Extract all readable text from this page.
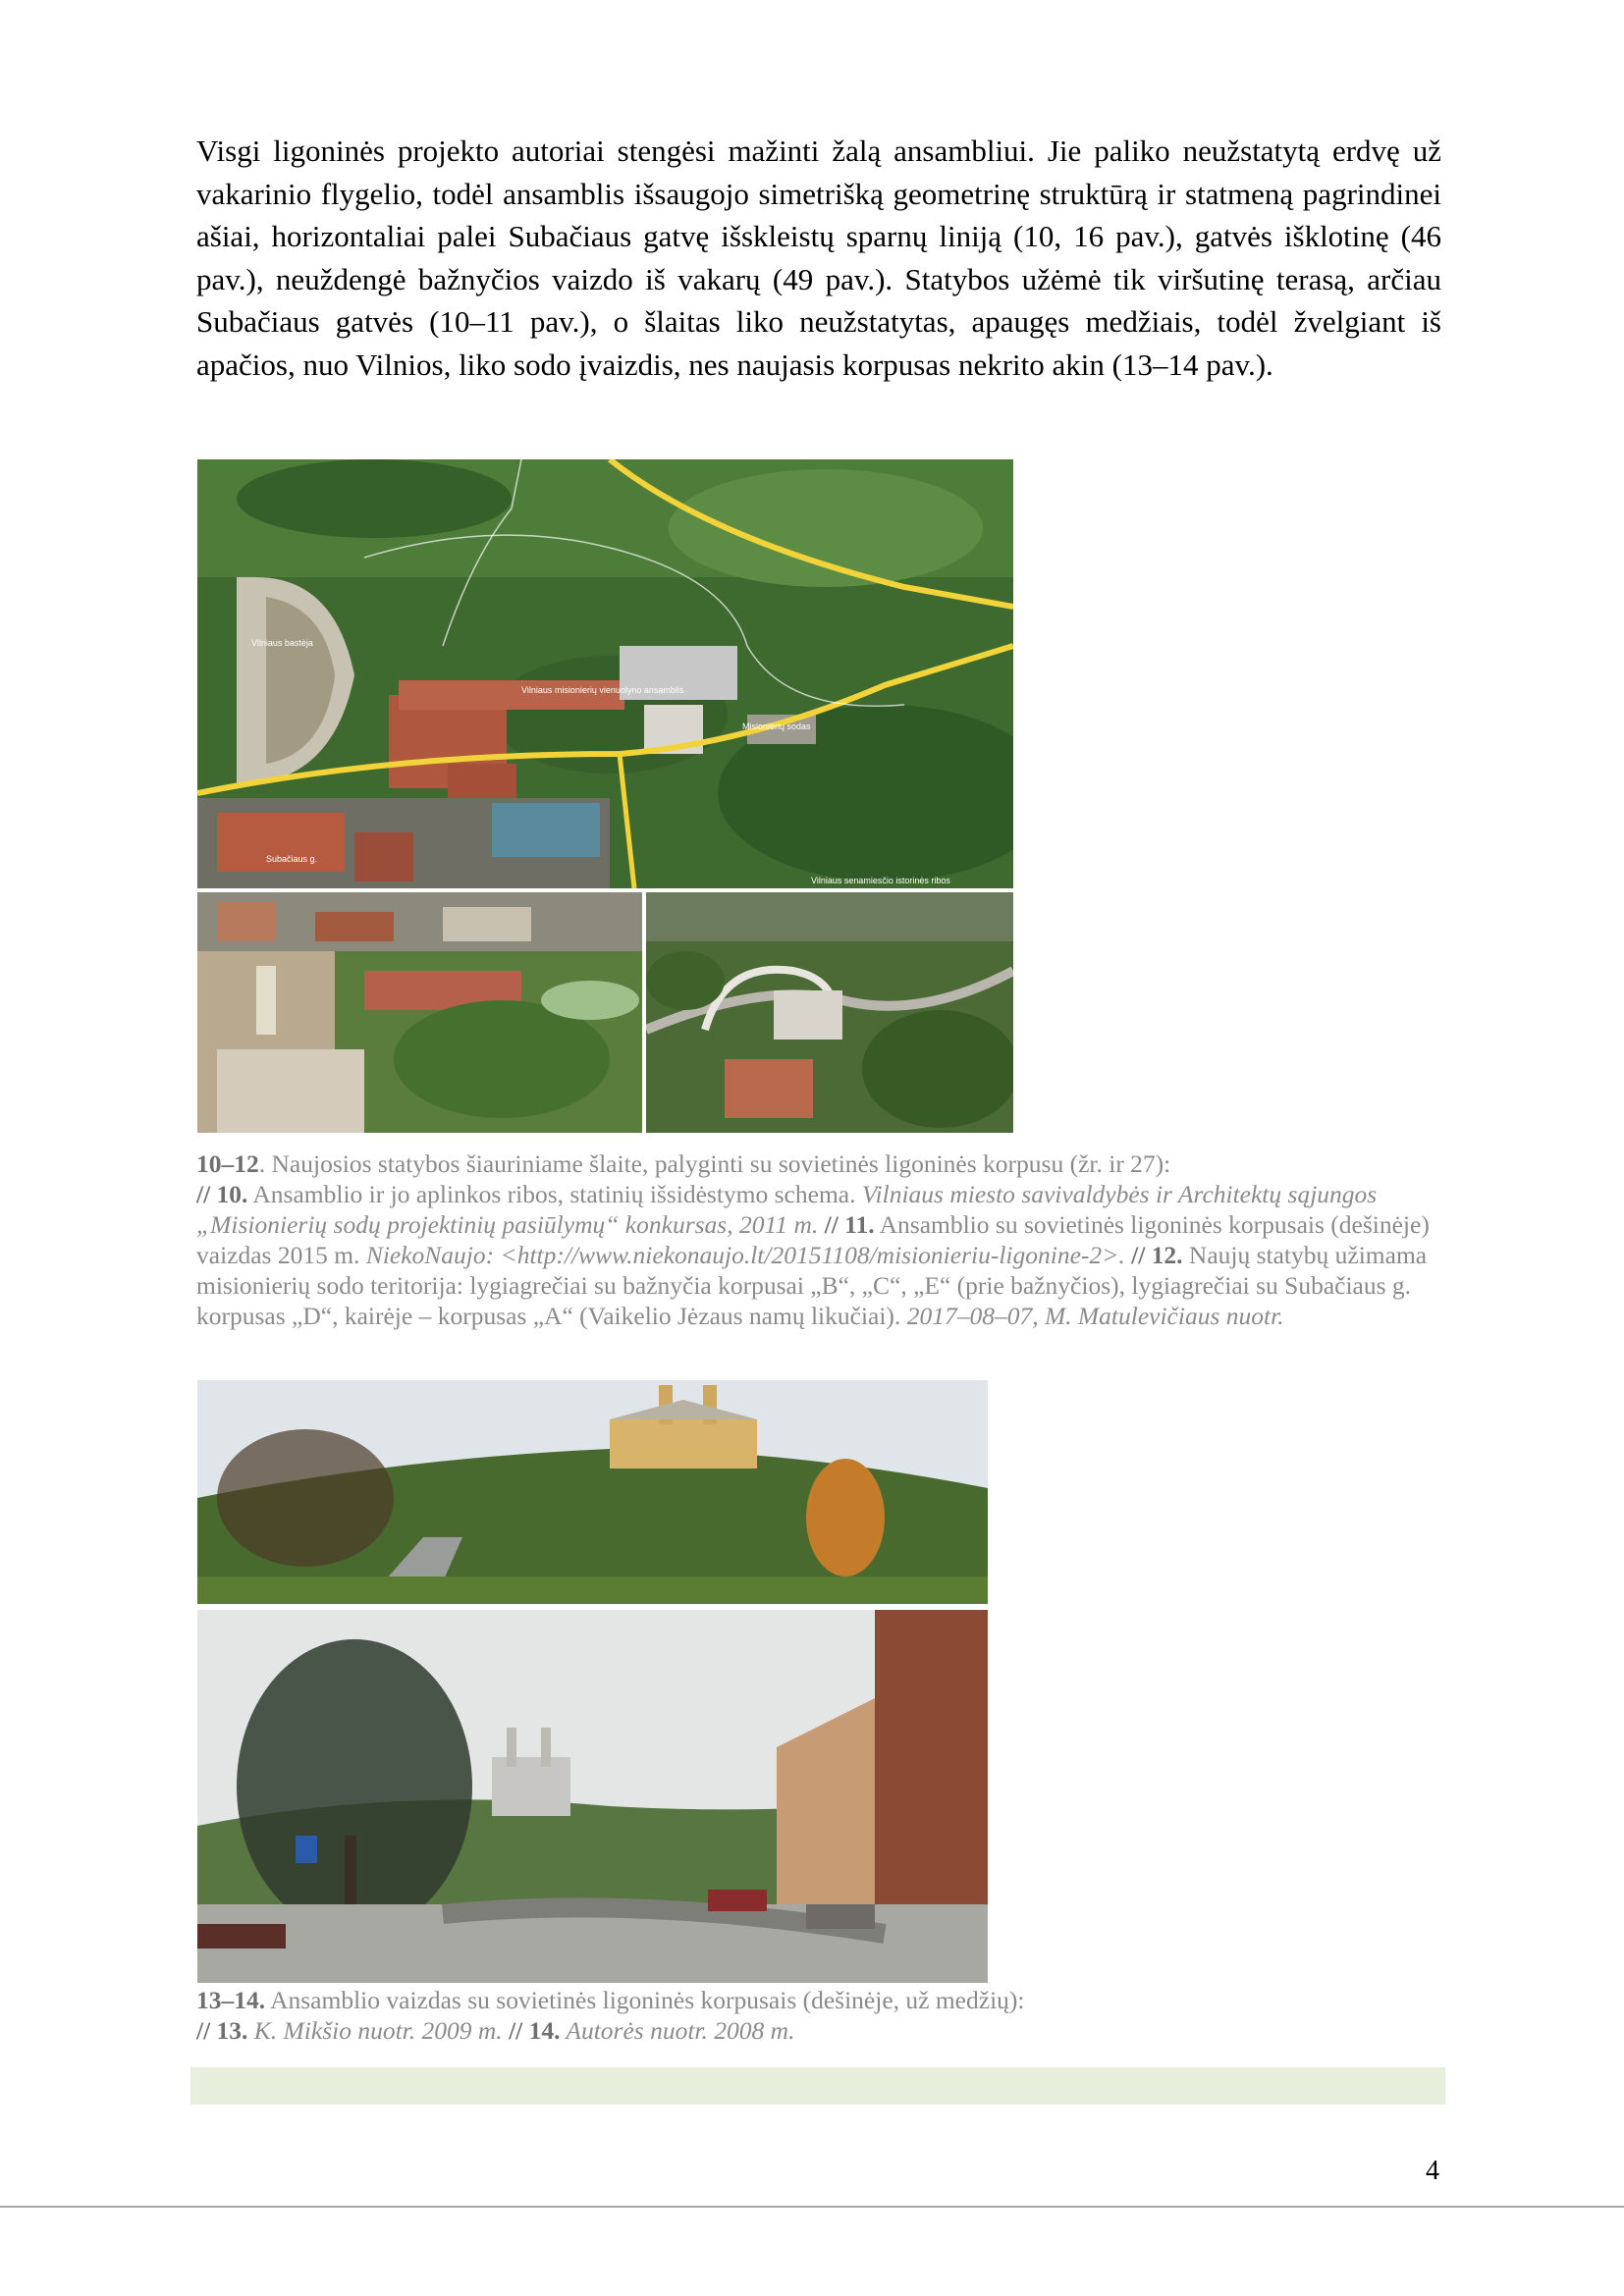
Visgi ligoninės projekto autoriai stengėsi mažinti žalą ansambliui. Jie paliko neužstatytą erdvę už vakarinio flygelio, todėl ansamblis išsaugojo simetrišką geometrinę struktūrą ir statmeną pagrindinei ašiai, horizontaliai palei Subačiaus gatvę išskleistų sparnų liniją (10, 16 pav.), gatvės išklotinę (46 pav.), neuždengė bažnyčios vaizdo iš vakarų (49 pav.). Statybos užėmė tik viršutinę terasą, arčiau Subačiaus gatvės (10–11 pav.), o šlaitas liko neužstatytas, apaugęs medžiais, todėl žvelgiant iš apačios, nuo Vilnios, liko sodo įvaizdis, nes naujasis korpusas nekrito akin (13–14 pav.).

Vilniaus bastėja
Vilniaus misionierių vienuolyno ansamblis
Misionierių sodas
Subačiaus g.
Vilniaus senamiesčio istorinės ribos

10–12. Naujosios statybos šiauriniame šlaite, palyginti su sovietinės ligoninės korpusu (žr. ir 27):
// 10. Ansamblio ir jo aplinkos ribos, statinių išsidėstymo schema. Vilniaus miesto savivaldybės ir Architektų sąjungos „Misionierių sodų projektinių pasiūlymų“ konkursas, 2011 m. // 11. Ansamblio su sovietinės ligoninės korpusais (dešinėje) vaizdas 2015 m. NiekoNaujo: <http://www.niekonaujo.lt/20151108/misionieriu-ligonine-2>. // 12. Naujų statybų užimama misionierių sodo teritorija: lygiagrečiai su bažnyčia korpusai „B“, „C“, „E“ (prie bažnyčios), lygiagrečiai su Subačiaus g. korpusas „D“, kairėje – korpusas „A“ (Vaikelio Jėzaus namų likučiai). 2017–08–07, M. Matulevičiaus nuotr.

13–14. Ansamblio vaizdas su sovietinės ligoninės korpusais (dešinėje, už medžių):
// 13. K. Mikšio nuotr. 2009 m. // 14. Autorės nuotr. 2008 m.

4
